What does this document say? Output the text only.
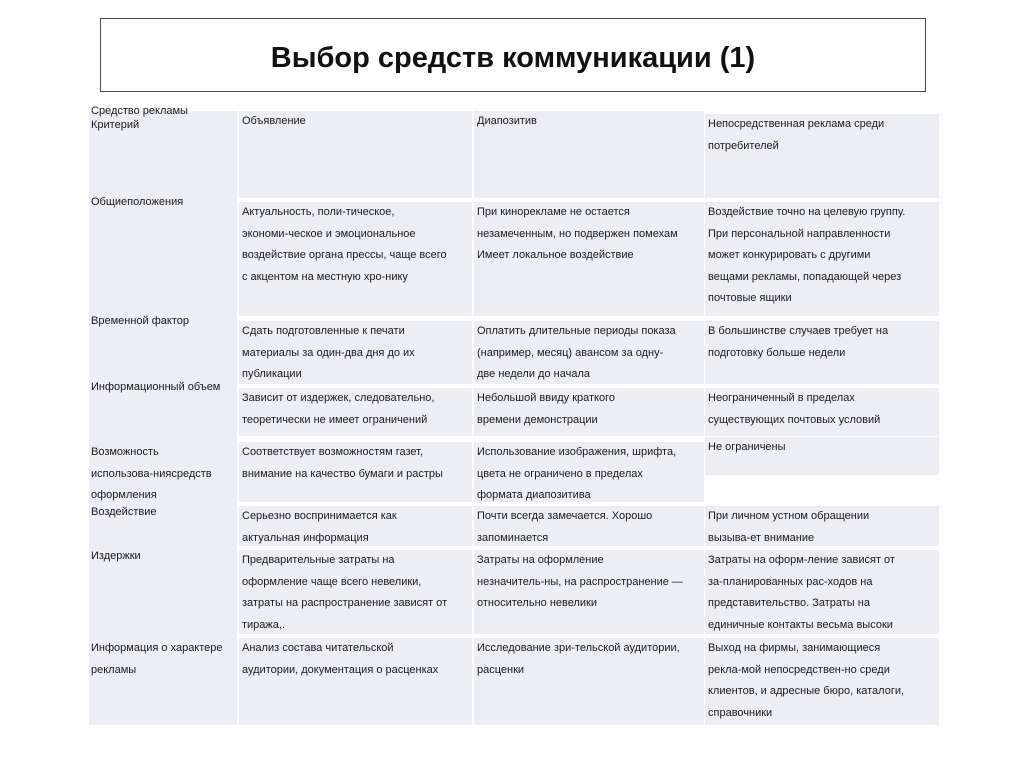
Выбор средств коммуникации (1)
Средство рекламы
Критерий
Общиеположения
Временной фактор
Информационный объем
Возможность
использова-ниясредств
оформления
Воздействие
Издержки
Информация о характере
рекламы
Объявление	Диапозитив	Непосредственная реклама среди
потребителей
Актуальность, поли-тическое,
экономи-ческое и эмоциональное
воздействие органа прессы, чаще всего
с акцентом на местную хро-нику
При кинорекламе не остается
незамеченным, но подвержен помехам
Имеет локальное воздействие
Воздействие точно на целевую группу.
При персональной направленности
может конкурировать с другими
вещами рекламы, попадающей через
почтовые ящики
Сдать подготовленные к печати
материалы за один-два дня до их
публикации
Оплатить длительные периоды показа
(например, месяц) авансом за одну-
две недели до начала
В большинстве случаев требует на
подготовку больше недели
Зависит от издержек, следовательно,
теоретически не имеет ограничений
Небольшой ввиду краткого
времени демонстрации
Неограниченный в пределах
существующих почтовых условий
Соответствует возможностям газет,
внимание на качество бумаги и растры
Использование изображения, шрифта,
цвета не ограничено в пределах
формата диапозитива
Не ограничены
Серьезно воспринимается как
актуальная информация
Почти всегда замечается. Хорошо
запоминается
При личном устном обращении
вызыва-ет внимание
Предварительные затраты на
оформление чаще всего невелики,
затраты на распространение зависят от
тиража,.
Затраты на оформление
незначитель-ны, на распространение —
относительно невелики
Затраты на оформ-ление зависят от
за-планированных рас-ходов на
представительство. Затраты на
единичные контакты весьма высоки
Анализ состава читательской
аудитории, документация о расценках
Исследование зри-тельской аудитории,
расценки
Выход на фирмы, занимающиеся
рекла-мой непосредствен-но среди
клиентов, и адресные бюро, каталоги,
справочники
